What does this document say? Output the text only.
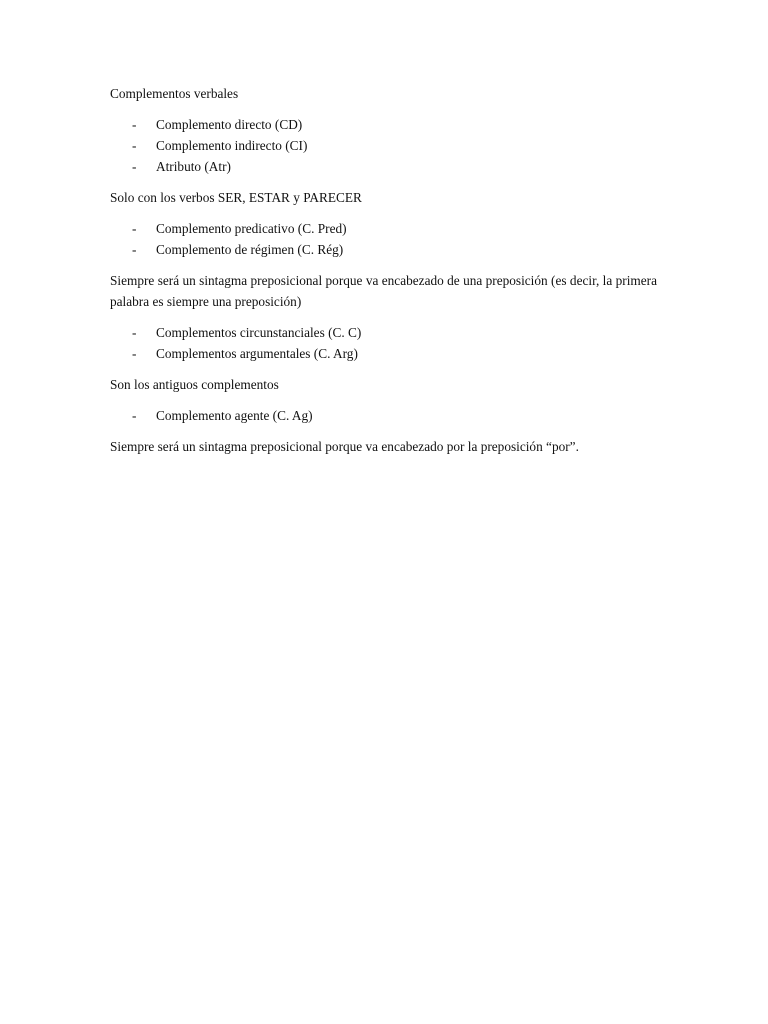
Complementos verbales

- Complemento directo (CD)
- Complemento indirecto (CI)
- Atributo (Atr)

Solo con los verbos SER, ESTAR y PARECER

- Complemento predicativo (C. Pred)
- Complemento de régimen (C. Rég)

Siempre será un sintagma preposicional porque va encabezado de una preposición (es decir, la primera palabra es siempre una preposición)

- Complementos circunstanciales (C. C)
- Complementos argumentales (C. Arg)

Son los antiguos complementos

- Complemento agente (C. Ag)

Siempre será un sintagma preposicional porque va encabezado por la preposición “por”.
